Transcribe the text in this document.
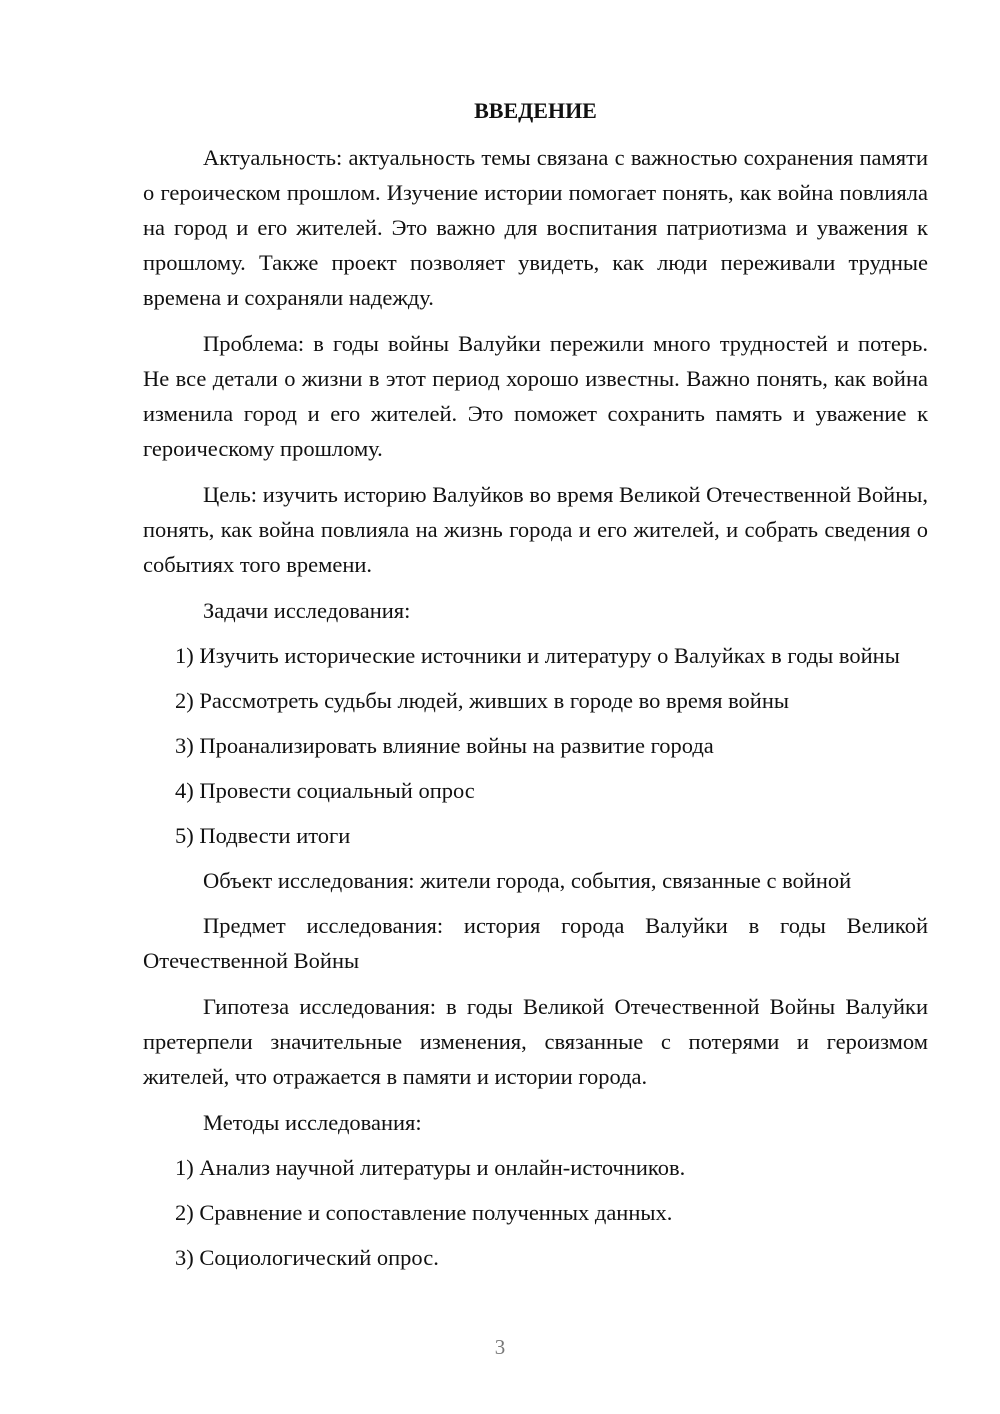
ВВЕДЕНИЕ

Актуальность: актуальность темы связана с важностью сохранения памяти о героическом прошлом. Изучение истории помогает понять, как война повлияла на город и его жителей. Это важно для воспитания патриотизма и уважения к прошлому. Также проект позволяет увидеть, как люди переживали трудные времена и сохраняли надежду.

Проблема: в годы войны Валуйки пережили много трудностей и потерь. Не все детали о жизни в этот период хорошо известны. Важно понять, как война изменила город и его жителей. Это поможет сохранить память и уважение к героическому прошлому.

Цель: изучить историю Валуйков во время Великой Отечественной Войны, понять, как война повлияла на жизнь города и его жителей, и собрать сведения о событиях того времени.

Задачи исследования:

1) Изучить исторические источники и литературу о Валуйках в годы войны

2) Рассмотреть судьбы людей, живших в городе во время войны

3) Проанализировать влияние войны на развитие города

4) Провести социальный опрос

5) Подвести итоги

Объект исследования: жители города, события, связанные с войной

Предмет исследования: история города Валуйки в годы Великой Отечественной Войны

Гипотеза исследования: в годы Великой Отечественной Войны Валуйки претерпели значительные изменения, связанные с потерями и героизмом жителей, что отражается в памяти и истории города.

Методы исследования:

1) Анализ научной литературы и онлайн-источников.

2) Сравнение и сопоставление полученных данных.

3) Социологический опрос.

3
